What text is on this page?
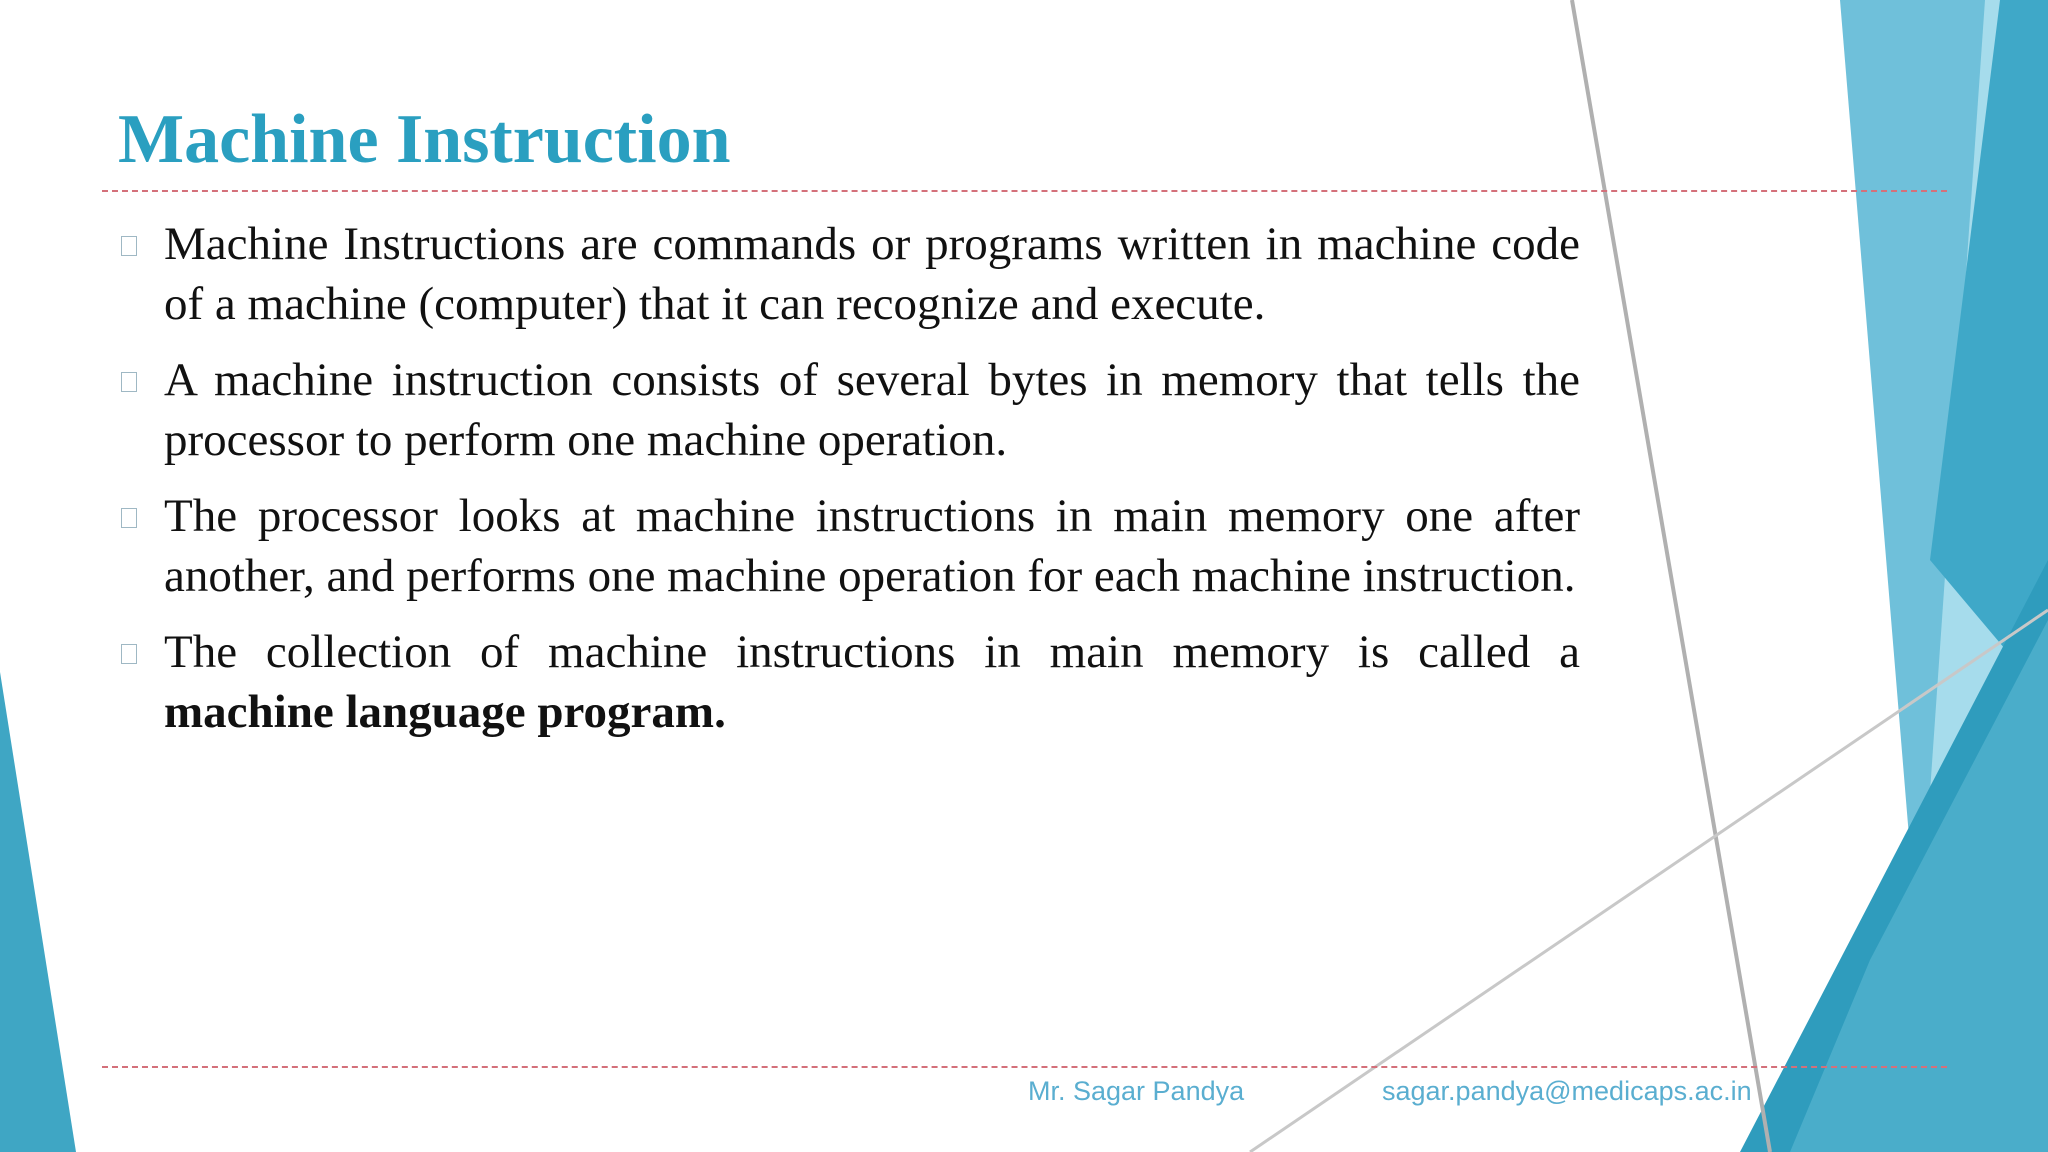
Machine Instruction
Machine Instructions are commands or programs written in machine code of a machine (computer) that it can recognize and execute.
A machine instruction consists of several bytes in memory that tells the processor to perform one machine operation.
The processor looks at machine instructions in main memory one after another, and performs one machine operation for each machine instruction.
The collection of machine instructions in main memory is called a machine language program.
Mr. Sagar Pandya	sagar.pandya@medicaps.ac.in
